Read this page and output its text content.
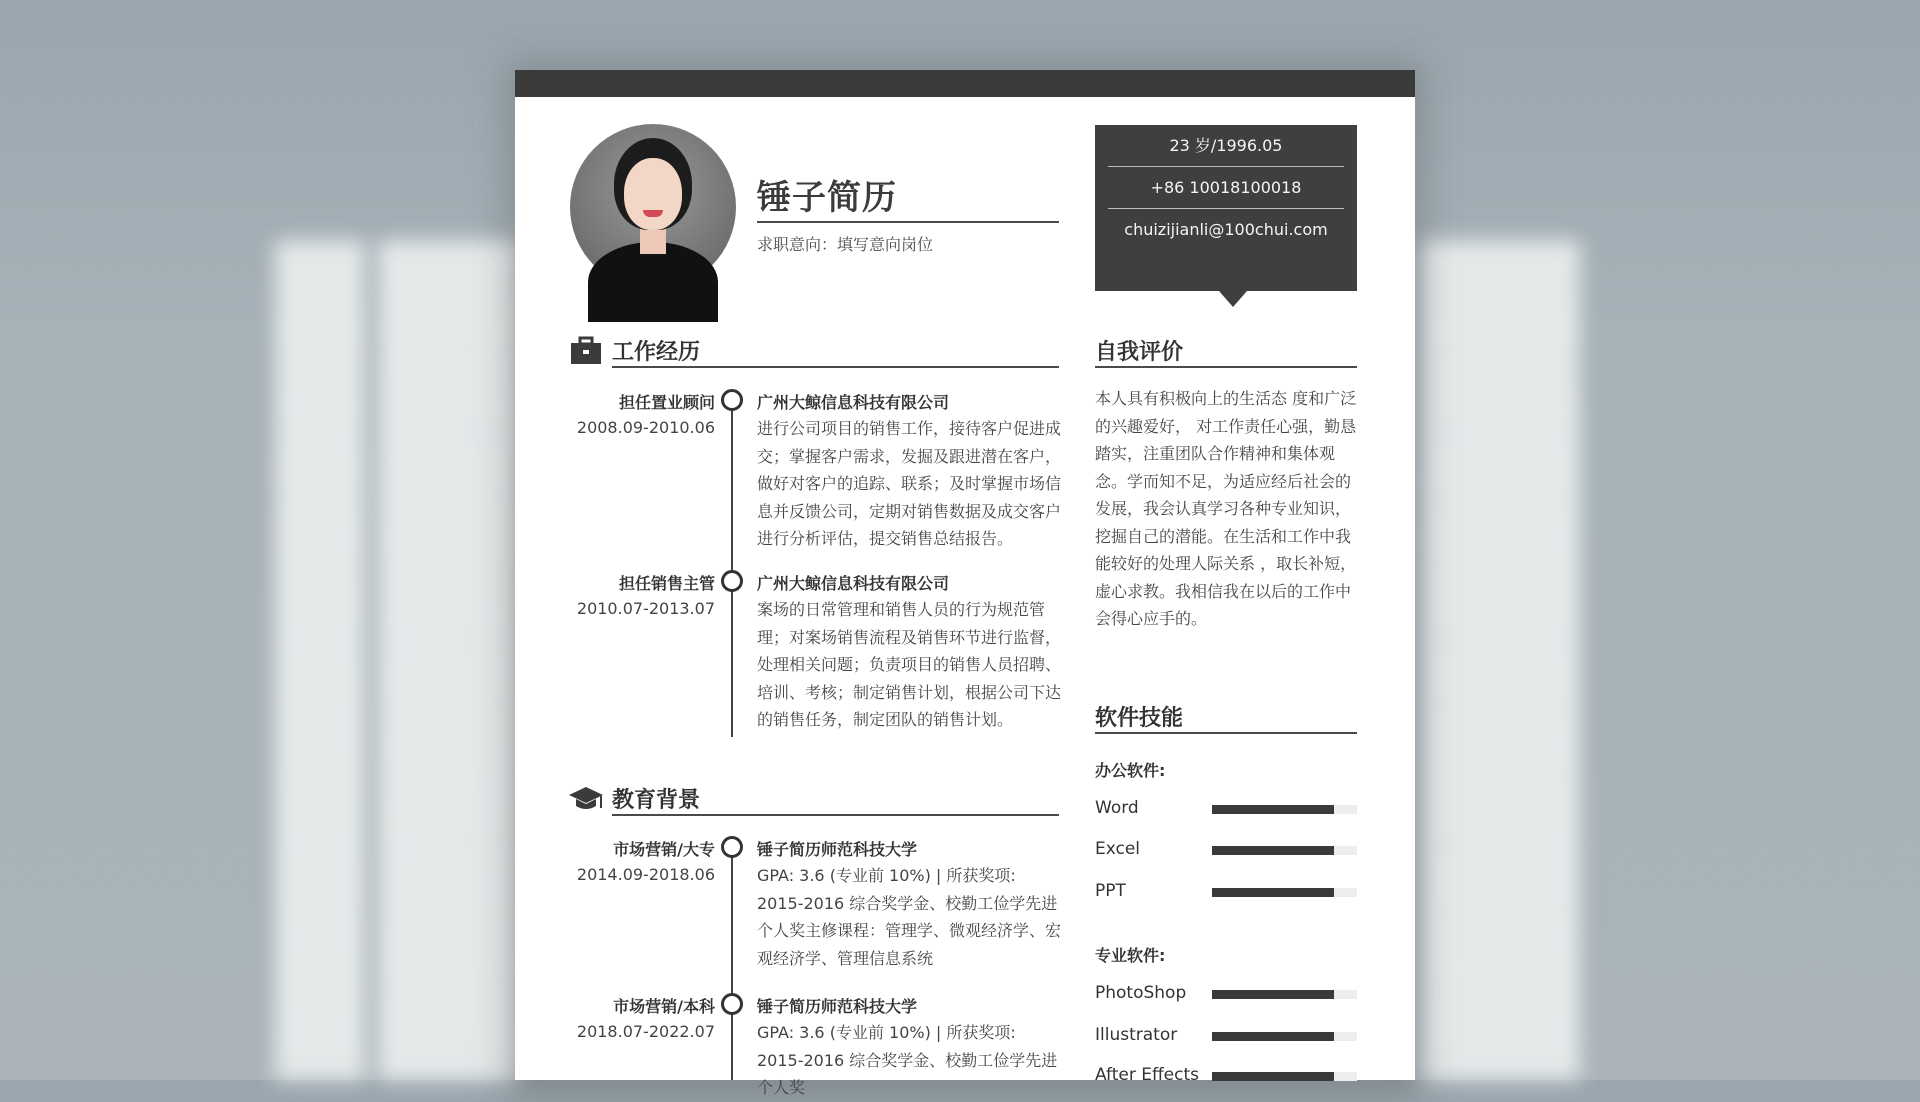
锤子简历
求职意向：填写意向岗位
23 岁/1996.05
+86 10018100018
chuizijianli@100chui.com
工作经历
担任置业顾问
2008.09-2010.06
广州大鲸信息科技有限公司
进行公司项目的销售工作，接待客户促进成交；掌握客户需求，发掘及跟进潜在客户，做好对客户的追踪、联系；及时掌握市场信息并反馈公司，定期对销售数据及成交客户进行分析评估，提交销售总结报告。
担任销售主管
2010.07-2013.07
广州大鲸信息科技有限公司
案场的日常管理和销售人员的行为规范管理；对案场销售流程及销售环节进行监督，处理相关问题；负责项目的销售人员招聘、培训、考核；制定销售计划，根据公司下达的销售任务，制定团队的销售计划。
教育背景
市场营销/大专
2014.09-2018.06
锤子简历师范科技大学
GPA: 3.6 (专业前 10%) | 所获奖项: 2015-2016 综合奖学金、校勤工俭学先进个人奖主修课程：管理学、微观经济学、宏观经济学、管理信息系统
市场营销/本科
2018.07-2022.07
锤子简历师范科技大学
GPA: 3.6 (专业前 10%) | 所获奖项: 2015-2016 综合奖学金、校勤工俭学先进个人奖
自我评价
本人具有积极向上的生活态 度和广泛的兴趣爱好， 对工作责任心强，勤恳踏实，注重团队合作精神和集体观念。学而知不足，为适应经后社会的发展，我会认真学习各种专业知识，挖掘自己的潜能。在生活和工作中我能较好的处理人际关系 ，取长补短，虚心求教。我相信我在以后的工作中会得心应手的。
软件技能
办公软件:
Word
Excel
PPT
专业软件:
PhotoShop
Illustrator
After Effects
